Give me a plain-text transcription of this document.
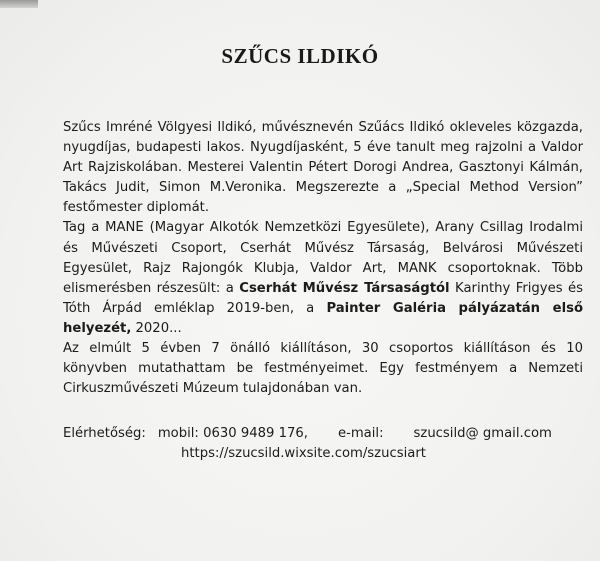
SZŰCS ILDIKÓ

Szűcs Imréné Völgyesi Ildikó, művésznevén Szűács Ildikó okleveles közgazda, nyugdíjas, budapesti lakos. Nyugdíjasként, 5 éve tanult meg rajzolni a Valdor Art Rajziskolában. Mesterei Valentin Pétert Dorogi Andrea, Gasztonyi Kálmán, Takács Judit, Simon M.Veronika. Megszerezte a „Special Method Version” festőmester diplomát.

Tag a MANE (Magyar Alkotók Nemzetközi Egyesülete), Arany Csillag Irodalmi és Művészeti Csoport, Cserhát Művész Társaság, Belvárosi Művészeti Egyesület, Rajz Rajongók Klubja, Valdor Art, MANK csoportoknak. Több elismerésben részesült: a Cserhát Művész Társaságtól Karinthy Frigyes és Tóth Árpád emléklap 2019-ben, a Painter Galéria pályázatán első helyezét, 2020...

Az elmúlt 5 évben 7 önálló kiállításon, 30 csoportos kiállításon és 10 könyvben mutathattam be festményeimet. Egy festményem a Nemzeti Cirkuszművészeti Múzeum tulajdonában van.

Elérhetőség: mobil: 0630 9489 176, e-mail: szucsild@ gmail.com
https://szucsild.wixsite.com/szucsiart
